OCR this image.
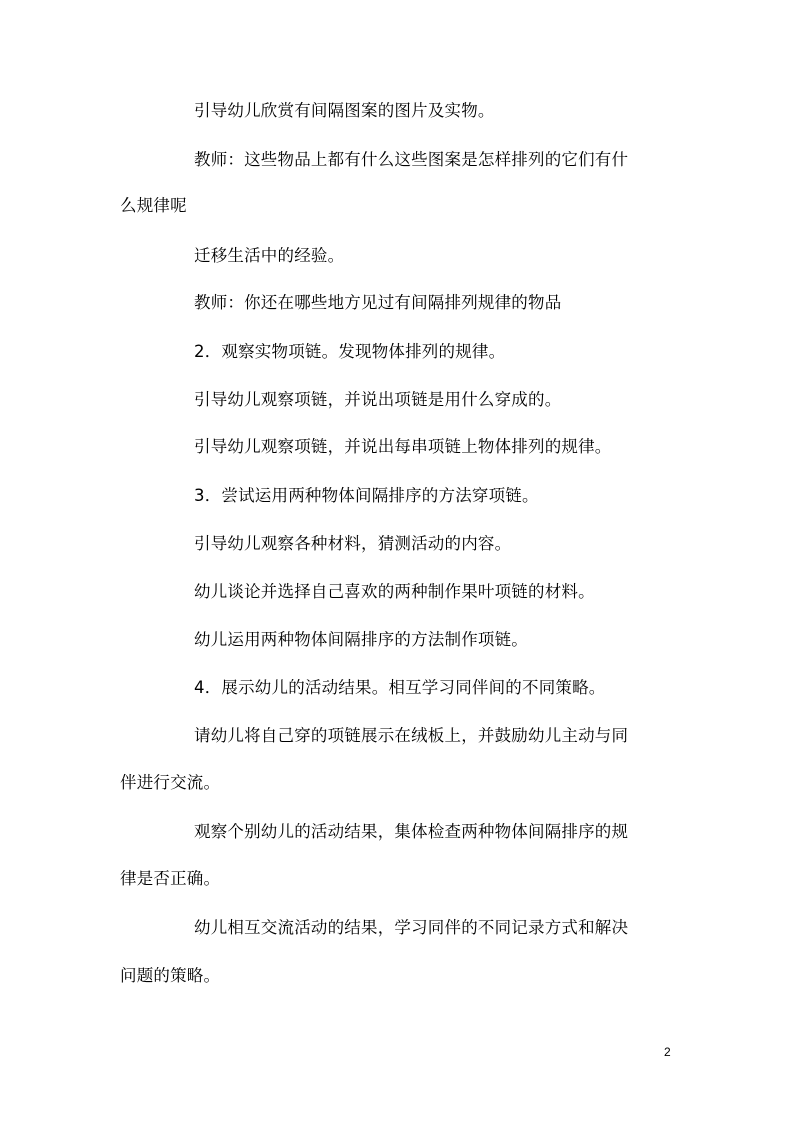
引导幼儿欣赏有间隔图案的图片及实物。
教师：这些物品上都有什么这些图案是怎样排列的它们有什
么规律呢
迁移生活中的经验。
教师：你还在哪些地方见过有间隔排列规律的物品
2．观察实物项链。发现物体排列的规律。
引导幼儿观察项链，并说出项链是用什么穿成的。
引导幼儿观察项链，并说出每串项链上物体排列的规律。
3．尝试运用两种物体间隔排序的方法穿项链。
引导幼儿观察各种材料，猜测活动的内容。
幼儿谈论并选择自己喜欢的两种制作果叶项链的材料。
幼儿运用两种物体间隔排序的方法制作项链。
4．展示幼儿的活动结果。相互学习同伴间的不同策略。
请幼儿将自己穿的项链展示在绒板上，并鼓励幼儿主动与同
伴进行交流。
观察个别幼儿的活动结果，集体检查两种物体间隔排序的规
律是否正确。
幼儿相互交流活动的结果，学习同伴的不同记录方式和解决
问题的策略。
2
